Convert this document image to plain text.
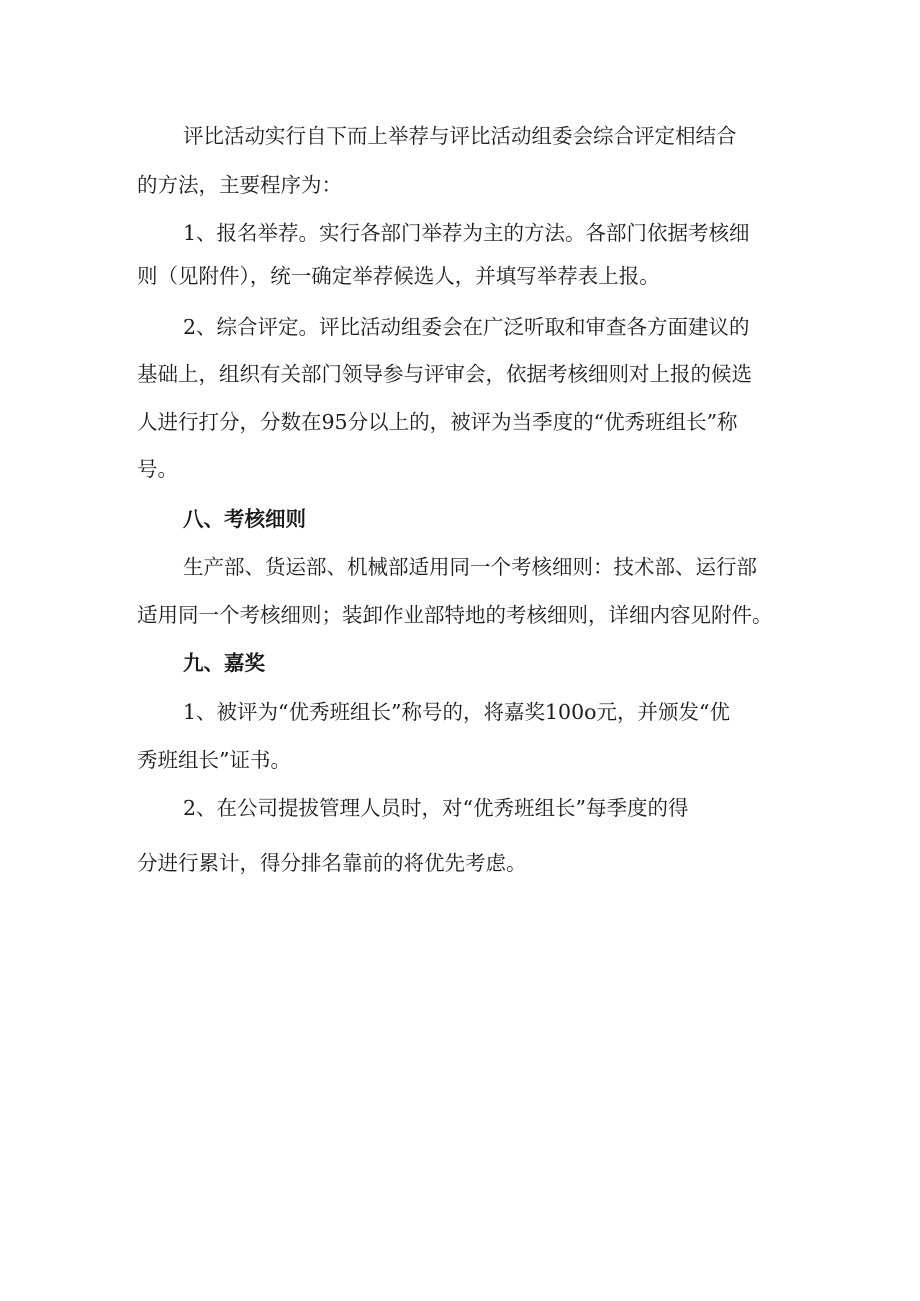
评比活动实行自下而上举荐与评比活动组委会综合评定相结合
的方法，主要程序为：
1、报名举荐。实行各部门举荐为主的方法。各部门依据考核细
则（见附件），统一确定举荐候选人，并填写举荐表上报。
2、综合评定。评比活动组委会在广泛听取和审查各方面建议的
基础上，组织有关部门领导参与评审会，依据考核细则对上报的候选
人进行打分，分数在95分以上的，被评为当季度的“优秀班组长”称
号。
八、考核细则
生产部、货运部、机械部适用同一个考核细则：技术部、运行部
适用同一个考核细则；装卸作业部特地的考核细则，详细内容见附件。
九、嘉奖
1、被评为“优秀班组长”称号的，将嘉奖100o元，并颁发“优
秀班组长”证书。
2、在公司提拔管理人员时，对“优秀班组长”每季度的得
分进行累计，得分排名靠前的将优先考虑。
